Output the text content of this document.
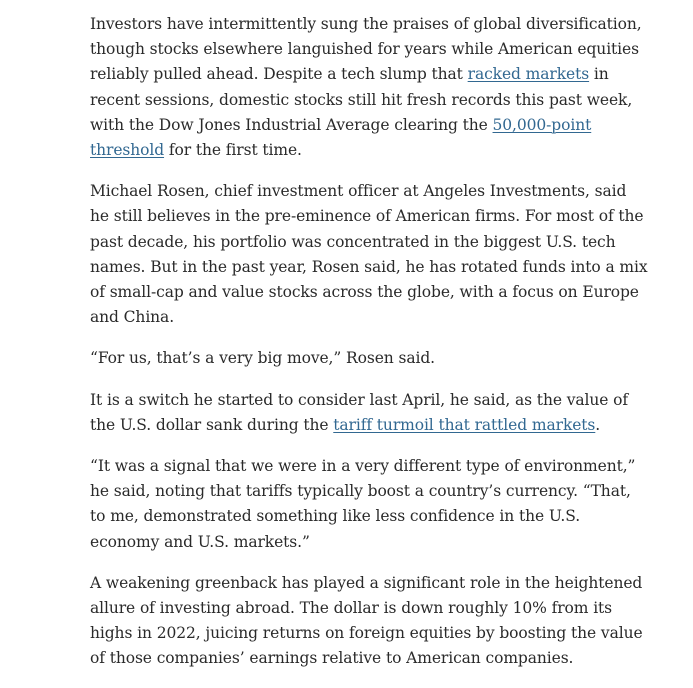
Investors have intermittently sung the praises of global diversification, though stocks elsewhere languished for years while American equities reliably pulled ahead. Despite a tech slump that racked markets in recent sessions, domestic stocks still hit fresh records this past week, with the Dow Jones Industrial Average clearing the 50,000-point threshold for the first time.

Michael Rosen, chief investment officer at Angeles Investments, said he still believes in the pre-eminence of American firms. For most of the past decade, his portfolio was concentrated in the biggest U.S. tech names. But in the past year, Rosen said, he has rotated funds into a mix of small-cap and value stocks across the globe, with a focus on Europe and China.

“For us, that’s a very big move,” Rosen said.

It is a switch he started to consider last April, he said, as the value of the U.S. dollar sank during the tariff turmoil that rattled markets.

“It was a signal that we were in a very different type of environment,” he said, noting that tariffs typically boost a country’s currency. “That, to me, demonstrated something like less confidence in the U.S. economy and U.S. markets.”

A weakening greenback has played a significant role in the heightened allure of investing abroad. The dollar is down roughly 10% from its highs in 2022, juicing returns on foreign equities by boosting the value of those companies’ earnings relative to American companies.
